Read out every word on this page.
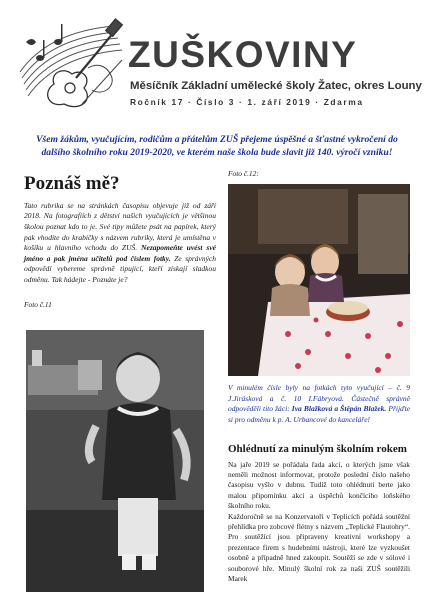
ZUŠKOVINY

Měsíčník Základní umělecké školy Žatec, okres Louny

Ročník 17 · Číslo 3 · 1. září 2019 · Zdarma

Všem žákům, vyučujícím, rodičům a přátelům ZUŠ přejeme úspěšné a šťastné vykročení do dalšího školního roku 2019-2020, ve kterém naše škola bude slavit již 140. výročí vzniku!

Poznáš mě?

Tato rubrika se na stránkách časopisu objevuje již od září 2018. Na fotografiích z dětství našich vyučujících je většinou školou poznat kdo to je. Své tipy můžete psát na papírek, který pak vhodíte do krabičky s názvem rubriky, která je umístěna v košíku u hlavního vchodu do ZUŠ. Nezapomeňte uvést své jméno a pak jména učitelů pod číslem fotky. Ze správných odpovědí vybereme správně tipující, kteří získají sladkou odměnu. Tak hádejte - Poznáte je?

Foto č.11

Foto č.12:

V minulém čísle byly na fotkách tyto vyučující – č. 9 J.Jirásková a č. 10 I.Fábryová. Částečně správně odpověděli tito žáci: Iva Blažková a Štěpán Blažek. Přijďte si pro odměnu k p. A. Urbancové do kanceláře!

Ohlédnutí za minulým školním rokem

Na jaře 2019 se pořádala řada akcí, o kterých jsme však neměli možnost informovat, protože poslední číslo našeho časopisu vyšlo v dubnu. Tudíž toto ohlédnutí berte jako malou připomínku akcí a úspěchů končícího loňského školního roku.

Každoročně se na Konzervatoři v Teplicích pořádá soutěžní přehlídka pro zobcové flétny s názvem „Teplické Flautohry“. Pro soutěžící jsou připraveny kreativní workshopy a prezentace firem s hudebními nástroji, které lze vyzkoušet osobně a případně hned zakoupit. Soutěží se zde v sólové i souborové hře. Minulý školní rok za naši ZUŠ soutěžili Marek
